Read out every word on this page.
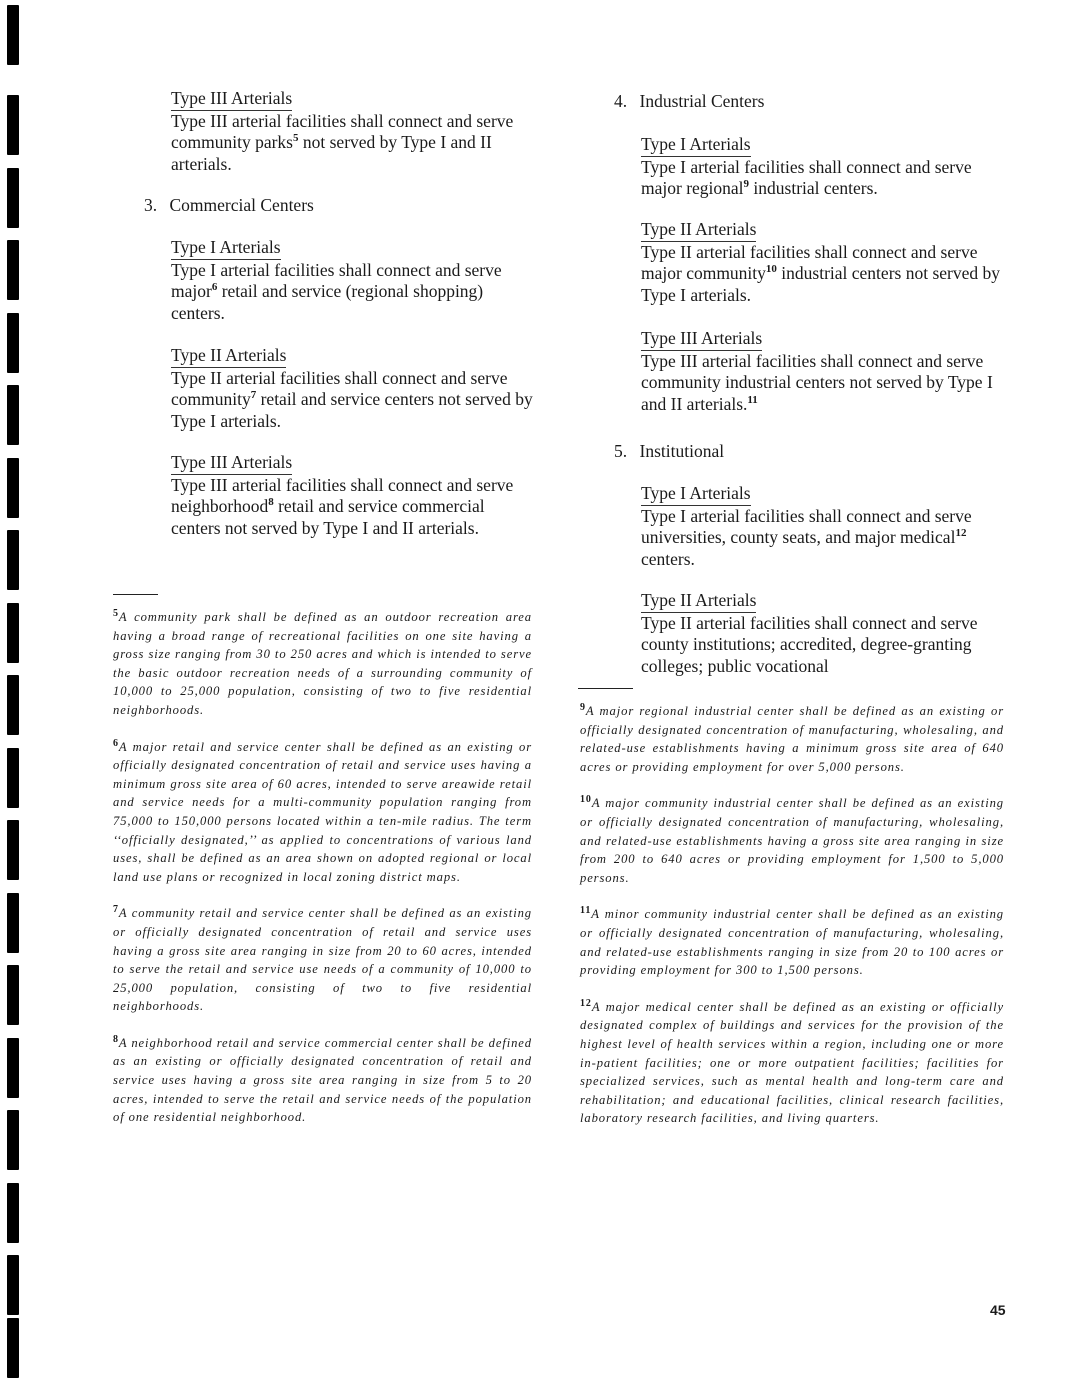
Type III Arterials

Type III arterial facilities shall connect and serve community parks$^5$ not served by Type I and II arterials.

3. Commercial Centers
Type I Arterials

Type I arterial facilities shall connect and serve major$^6$ retail and service (regional shopping) centers.

Type II Arterials

Type II arterial facilities shall connect and serve community$^7$ retail and service centers not served by Type I arterials.

Type III Arterials

Type III arterial facilities shall connect and serve neighborhood$^8$ retail and service commercial centers not served by Type I and II arterials.

$^5$A community park shall be defined as an outdoor recreation area having a broad range of recreational facilities on one site having a gross size ranging from 30 to 250 acres and which is intended to serve the basic outdoor recreation needs of a surrounding community of 10,000 to 25,000 population, consisting of two to five residential neighborhoods.

$^6$A major retail and service center shall be defined as an existing or officially designated concentration of retail and service uses having a minimum gross site area of 60 acres, intended to serve areawide retail and service needs for a multi-community population ranging from 75,000 to 150,000 persons located within a ten-mile radius. The term ‘‘officially designated,’’ as applied to concentrations of various land uses, shall be defined as an area shown on adopted regional or local land use plans or recognized in local zoning district maps.

$^7$A community retail and service center shall be defined as an existing or officially designated concentration of retail and service uses having a gross site area ranging in size from 20 to 60 acres, intended to serve the retail and service use needs of a community of 10,000 to 25,000 population, consisting of two to five residential neighborhoods.

$^8$A neighborhood retail and service commercial center shall be defined as an existing or officially designated concentration of retail and service uses having a gross site area ranging in size from 5 to 20 acres, intended to serve the retail and service needs of the population of one residential neighborhood.

4. Industrial Centers
Type I Arterials

Type I arterial facilities shall connect and serve major regional$^9$ industrial centers.

Type II Arterials

Type II arterial facilities shall connect and serve major community$^{10}$ industrial centers not served by Type I arterials.

Type III Arterials

Type III arterial facilities shall connect and serve community industrial centers not served by Type I and II arterials.$^{11}$

5. Institutional
Type I Arterials

Type I arterial facilities shall connect and serve universities, county seats, and major medical$^{12}$ centers.

Type II Arterials

Type II arterial facilities shall connect and serve county institutions; accredited, degree-granting colleges; public vocational

$^9$A major regional industrial center shall be defined as an existing or officially designated concentration of manufacturing, wholesaling, and related-use establishments having a minimum gross site area of 640 acres or providing employment for over 5,000 persons.

$^{10}$A major community industrial center shall be defined as an existing or officially designated concentration of manufacturing, wholesaling, and related-use establishments having a gross site area ranging in size from 200 to 640 acres or providing employment for 1,500 to 5,000 persons.

$^{11}$A minor community industrial center shall be defined as an existing or officially designated concentration of manufacturing, wholesaling, and related-use establishments ranging in size from 20 to 100 acres or providing employment for 300 to 1,500 persons.

$^{12}$A major medical center shall be defined as an existing or officially designated complex of buildings and services for the provision of the highest level of health services within a region, including one or more in-patient facilities; one or more outpatient facilities; facilities for specialized services, such as mental health and long-term care and rehabilitation; and educational facilities, clinical research facilities, laboratory research facilities, and living quarters.

45
